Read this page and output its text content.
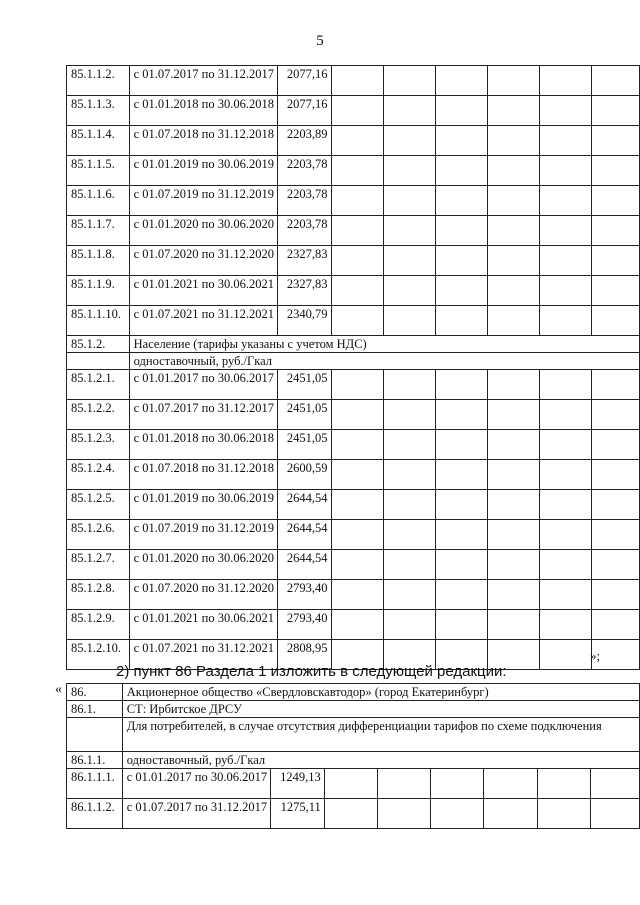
5
85.1.1.2.	с 01.07.2017 по 31.12.2017	2077,16						
85.1.1.3.	с 01.01.2018 по 30.06.2018	2077,16						
85.1.1.4.	с 01.07.2018 по 31.12.2018	2203,89						
85.1.1.5.	с 01.01.2019 по 30.06.2019	2203,78						
85.1.1.6.	с 01.07.2019 по 31.12.2019	2203,78						
85.1.1.7.	с 01.01.2020 по 30.06.2020	2203,78						
85.1.1.8.	с 01.07.2020 по 31.12.2020	2327,83						
85.1.1.9.	с 01.01.2021 по 30.06.2021	2327,83						
85.1.1.10.	с 01.07.2021 по 31.12.2021	2340,79						
85.1.2.	Население (тарифы указаны с учетом НДС)							
	одноставочный, руб./Гкал							
85.1.2.1.	с 01.01.2017 по 30.06.2017	2451,05						
85.1.2.2.	с 01.07.2017 по 31.12.2017	2451,05						
85.1.2.3.	с 01.01.2018 по 30.06.2018	2451,05						
85.1.2.4.	с 01.07.2018 по 31.12.2018	2600,59						
85.1.2.5.	с 01.01.2019 по 30.06.2019	2644,54						
85.1.2.6.	с 01.07.2019 по 31.12.2019	2644,54						
85.1.2.7.	с 01.01.2020 по 30.06.2020	2644,54						
85.1.2.8.	с 01.07.2020 по 31.12.2020	2793,40						
85.1.2.9.	с 01.01.2021 по 30.06.2021	2793,40						
85.1.2.10.	с 01.07.2021 по 31.12.2021	2808,95							»;
2) пункт 86 Раздела 1 изложить в следующей редакции:
« 86.	Акционерное общество «Свердловскавтодор» (город Екатеринбург)							
86.1.	СТ: Ирбитское ДРСУ							
	Для потребителей, в случае отсутствия дифференциации тарифов по схеме подключения							
86.1.1.	одноставочный, руб./Гкал							
86.1.1.1.	с 01.01.2017 по 30.06.2017	1249,13						
86.1.1.2.	с 01.07.2017 по 31.12.2017	1275,11						
